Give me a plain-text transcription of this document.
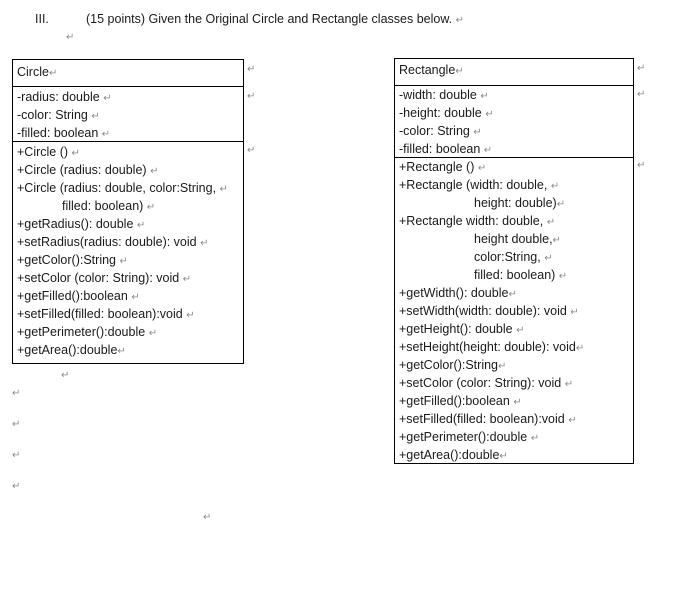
III.	(15 points) Given the Original Circle and Rectangle classes below. ↵
↵
Circle↵
-radius: double ↵
-color: String ↵
-filled: boolean ↵
+Circle () ↵
+Circle (radius: double) ↵
+Circle (radius: double, color:String, ↵
filled: boolean) ↵
+getRadius(): double ↵
+setRadius(radius: double): void ↵
+getColor():String ↵
+setColor (color: String): void ↵
+getFilled():boolean ↵
+setFilled(filled: boolean):void ↵
+getPerimeter():double ↵
+getArea():double↵
↵
↵
↵
Rectangle↵
-width: double ↵
-height: double ↵
-color: String ↵
-filled: boolean ↵
+Rectangle () ↵
+Rectangle (width: double, ↵
height: double)↵
+Rectangle width: double, ↵
height double,↵
color:String, ↵
filled: boolean) ↵
+getWidth(): double↵
+setWidth(width: double): void ↵
+getHeight(): double ↵
+setHeight(height: double): void↵
+getColor():String↵
+setColor (color: String): void ↵
+getFilled():boolean ↵
+setFilled(filled: boolean):void ↵
+getPerimeter():double ↵
+getArea():double↵
↵
↵
↵
↵
↵
↵
↵
↵
↵
